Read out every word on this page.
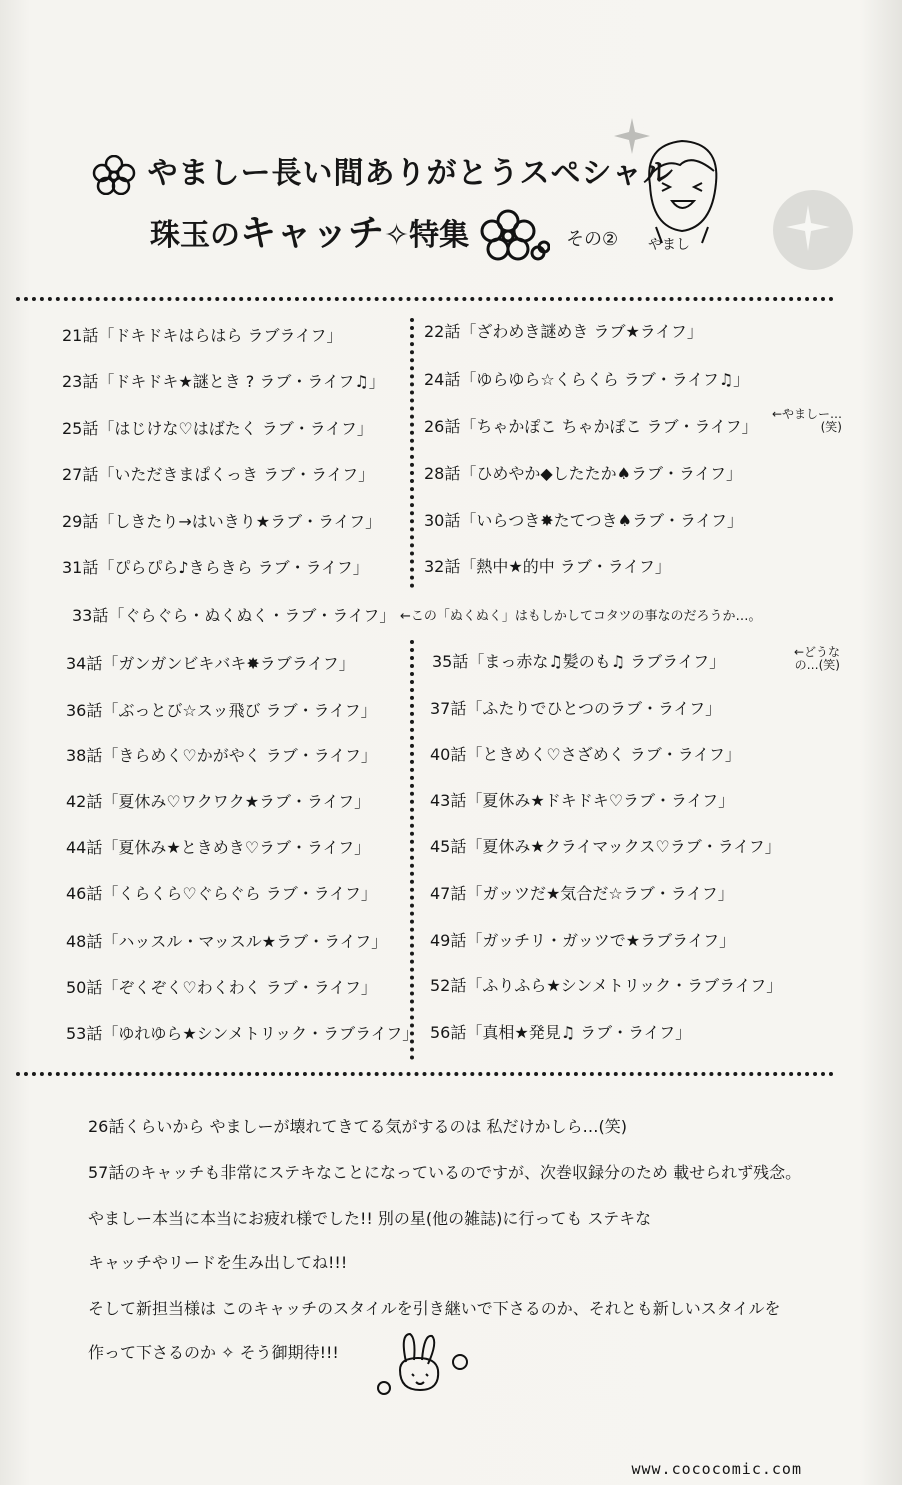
やましー長い間ありがとうスペシャル
珠玉のキャッチ✧特集	その② やまし
21話「ドキドキはらはら ラブライフ」
23話「ドキドキ★謎とき ? ラブ・ライフ♫」
25話「はじけな♡はばたく ラブ・ライフ」
27話「いただきまぱくっき ラブ・ライフ」
29話「しきたり→はいきり★ラブ・ライフ」
31話「ぴらぴら♪きらきら ラブ・ライフ」
22話「ざわめき謎めき ラブ★ライフ」
24話「ゆらゆら☆くらくら ラブ・ライフ♫」
26話「ちゃかぽこ ちゃかぽこ ラブ・ライフ」
←やましー…(笑)
28話「ひめやか◆したたか♠ラブ・ライフ」
30話「いらつき✸たてつき♠ラブ・ライフ」
32話「熱中★的中 ラブ・ライフ」
33話「ぐらぐら・ぬくぬく・ラブ・ライフ」 ←この「ぬくぬく」はもしかしてコタツの事なのだろうか…。
34話「ガンガンビキバキ✸ラブライフ」
36話「ぶっとび☆スッ飛び ラブ・ライフ」
38話「きらめく♡かがやく ラブ・ライフ」
42話「夏休み♡ワクワク★ラブ・ライフ」
44話「夏休み★ときめき♡ラブ・ライフ」
46話「くらくら♡ぐらぐら ラブ・ライフ」
48話「ハッスル・マッスル★ラブ・ライフ」
50話「ぞくぞく♡わくわく ラブ・ライフ」
53話「ゆれゆら★シンメトリック・ラブライフ」
35話「まっ赤な♫髪のも♫ ラブライフ」	←どうなの…(笑)
37話「ふたりでひとつのラブ・ライフ」
40話「ときめく♡さざめく ラブ・ライフ」
43話「夏休み★ドキドキ♡ラブ・ライフ」
45話「夏休み★クライマックス♡ラブ・ライフ」
47話「ガッツだ★気合だ☆ラブ・ライフ」
49話「ガッチリ・ガッツで★ラブライフ」
52話「ふりふら★シンメトリック・ラブライフ」
56話「真相★発見♫ ラブ・ライフ」
26話くらいから やましーが壊れてきてる気がするのは 私だけかしら…(笑)
57話のキャッチも非常にステキなことになっているのですが、次巻収録分のため 載せられず残念。
やましー本当に本当にお疲れ様でした!! 別の星(他の雑誌)に行っても ステキな
キャッチやリードを生み出してね!!!
そして新担当様は このキャッチのスタイルを引き継いで下さるのか、それとも新しいスタイルを
作って下さるのか ✧ そう御期待!!!
www.cococomic.com
